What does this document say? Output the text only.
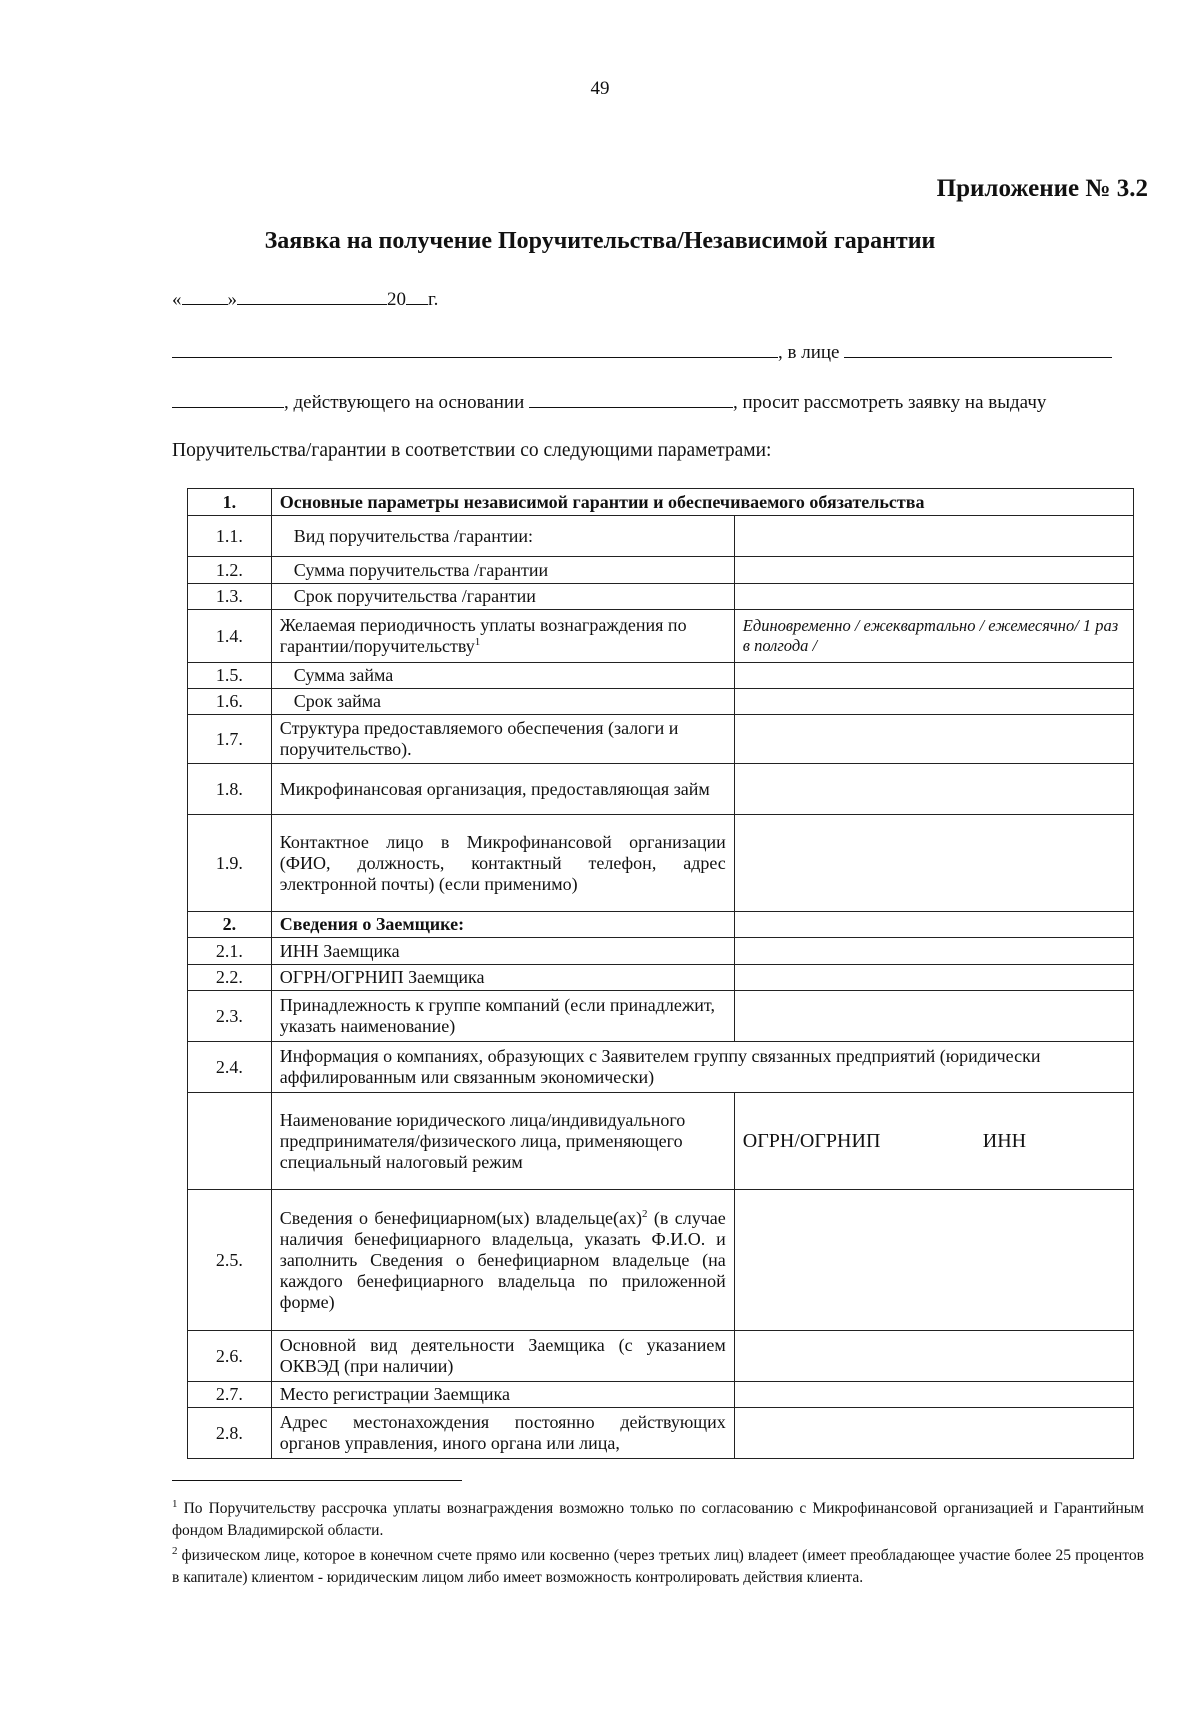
49
Приложение № 3.2
Заявка на получение Поручительства/Независимой гарантии
« »	20 г.
, в лице
, действующего на основании	, просит рассмотреть заявку на выдачу
Поручительства/гарантии в соответствии со следующими параметрами:
1.	Основные параметры независимой гарантии и обеспечиваемого обязательства	
1.1.	Вид поручительства /гарантии:	
1.2.	Сумма поручительства /гарантии	
1.3.	Срок поручительства /гарантии	
1.4.	Желаемая периодичность уплаты вознаграждения по гарантии/поручительству$^1$	Единовременно / ежеквартально / ежемесячно/ 1 раз в полгода /
1.5.	Сумма займа	
1.6.	Срок займа	
1.7.	Структура предоставляемого обеспечения (залоги и поручительство).	
1.8.	Микрофинансовая организация, предоставляющая займ	
1.9.	Контактное лицо в Микрофинансовой организации (ФИО, должность, контактный телефон, адрес электронной почты) (если применимо)	
2.	Сведения о Заемщике:	
2.1.	ИНН Заемщика	
2.2.	ОГРН/ОГРНИП Заемщика	
2.3.	Принадлежность к группе компаний (если принадлежит, указать наименование)	
2.4.	Информация о компаниях, образующих с Заявителем группу связанных предприятий (юридически аффилированным или связанным экономически)	
	Наименование юридического лица/индивидуального предпринимателя/физического лица, применяющего специальный налоговый режим	ОГРН/ОГРНИП ИНН
2.5.	Сведения о бенефициарном(ых) владельце(ах)$^2$ (в случае наличия бенефициарного владельца, указать Ф.И.О. и заполнить Сведения о бенефициарном владельце (на каждого бенефициарного владельца по приложенной форме)	
2.6.	Основной вид деятельности Заемщика (с указанием ОКВЭД (при наличии)	
2.7.	Место регистрации Заемщика	
2.8.	Адрес местонахождения постоянно действующих органов управления, иного органа или лица,	
$^1$ По Поручительству рассрочка уплаты вознаграждения возможно только по согласованию с Микрофинансовой организацией и Гарантийным фондом Владимирской области.
$^2$ физическом лице, которое в конечном счете прямо или косвенно (через третьих лиц) владеет (имеет преобладающее участие более 25 процентов в капитале) клиентом - юридическим лицом либо имеет возможность контролировать действия клиента.
